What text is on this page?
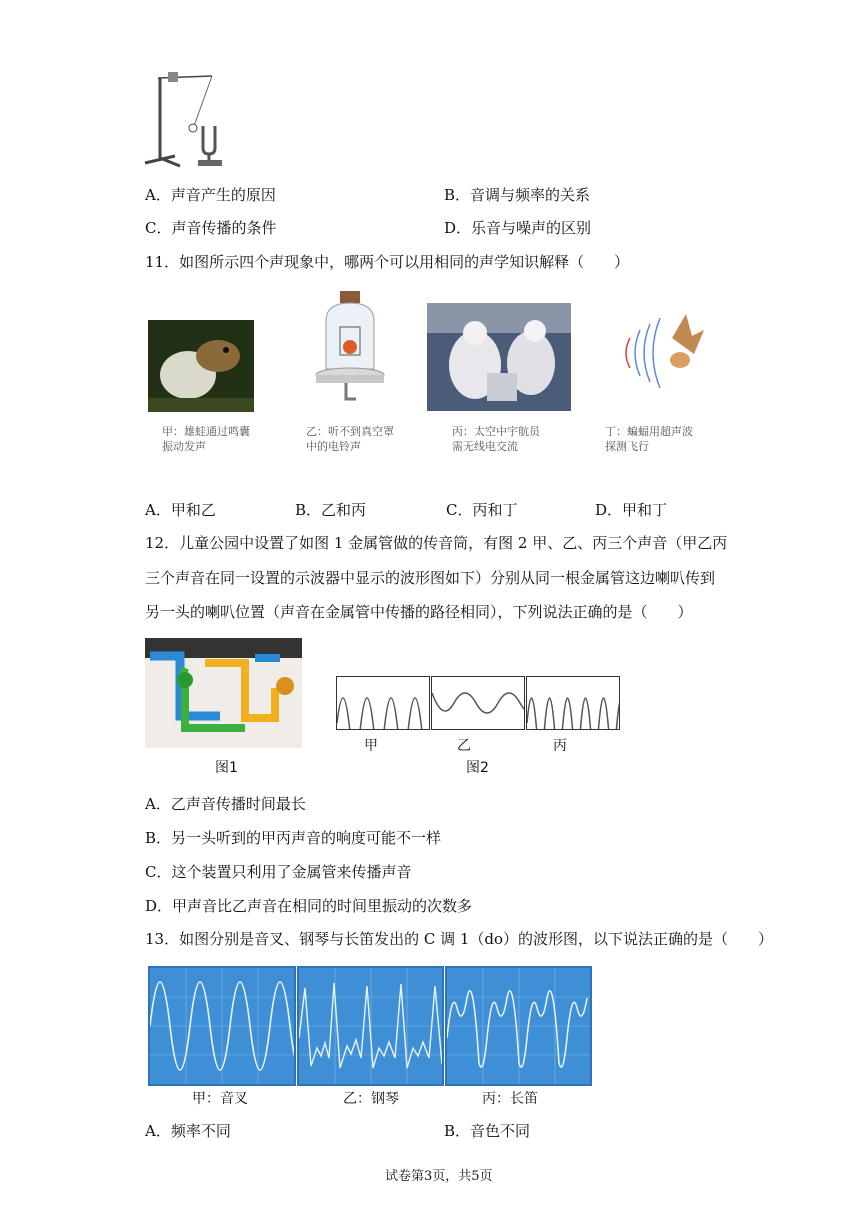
A．声音产生的原因	B．音调与频率的关系
C．声音传播的条件	D．乐音与噪声的区别
11．如图所示四个声现象中，哪两个可以用相同的声学知识解释（　　）
甲：雄蛙通过鸣囊振动发声
乙：听不到真空罩中的电铃声
丙：太空中宇航员需无线电交流
丁：蝙蝠用超声波探测飞行
A．甲和乙	B．乙和丙	C．丙和丁	D．甲和丁
12．儿童公园中设置了如图 1 金属管做的传音筒，有图 2 甲、乙、丙三个声音（甲乙丙
三个声音在同一设置的示波器中显示的波形图如下）分别从同一根金属管这边喇叭传到
另一头的喇叭位置（声音在金属管中传播的路径相同），下列说法正确的是（　　）
图1
甲	乙	丙
图2
A．乙声音传播时间最长
B．另一头听到的甲丙声音的响度可能不一样
C．这个装置只利用了金属管来传播声音
D．甲声音比乙声音在相同的时间里振动的次数多
13．如图分别是音叉、钢琴与长笛发出的 C 调 1（do）的波形图，以下说法正确的是（　　）
甲：音叉	乙：钢琴	丙：长笛
A．频率不同	B．音色不同
试卷第3页，共5页
